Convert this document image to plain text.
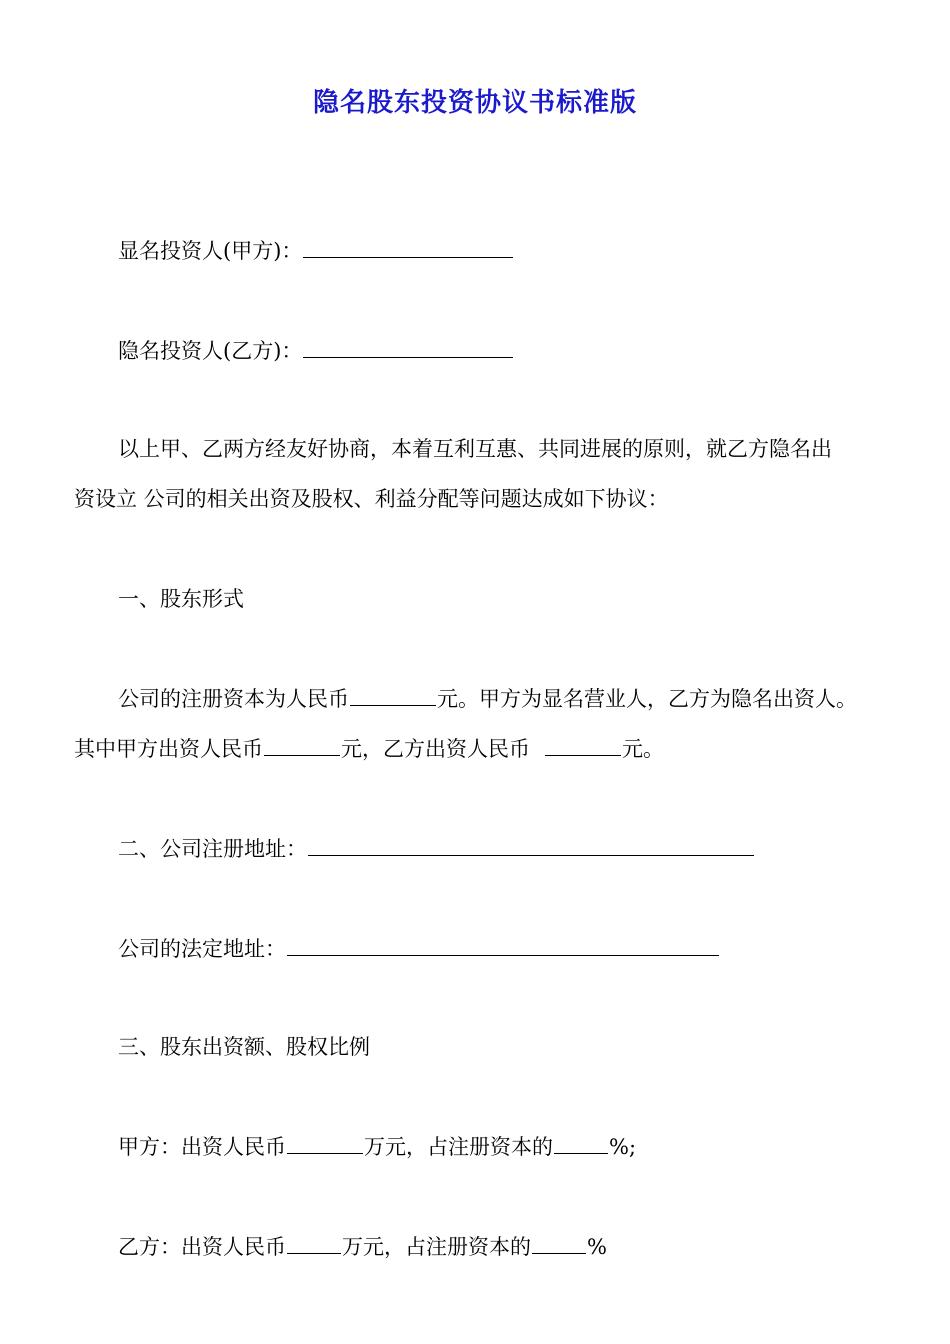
隐名股东投资协议书标准版
显名投资人(甲方)：
隐名投资人(乙方)：
以上甲、乙两方经友好协商，本着互利互惠、共同进展的原则，就乙方隐名出
资设立 公司的相关出资及股权、利益分配等问题达成如下协议：
一、股东形式
公司的注册资本为人民币	元。甲方为显名营业人，乙方为隐名出资人。
其中甲方出资人民币	元，乙方出资人民币	元。
二、公司注册地址：
公司的法定地址：
三、股东出资额、股权比例
甲方：出资人民币	万元，占注册资本的	%;
乙方：出资人民币	万元，占注册资本的	%
